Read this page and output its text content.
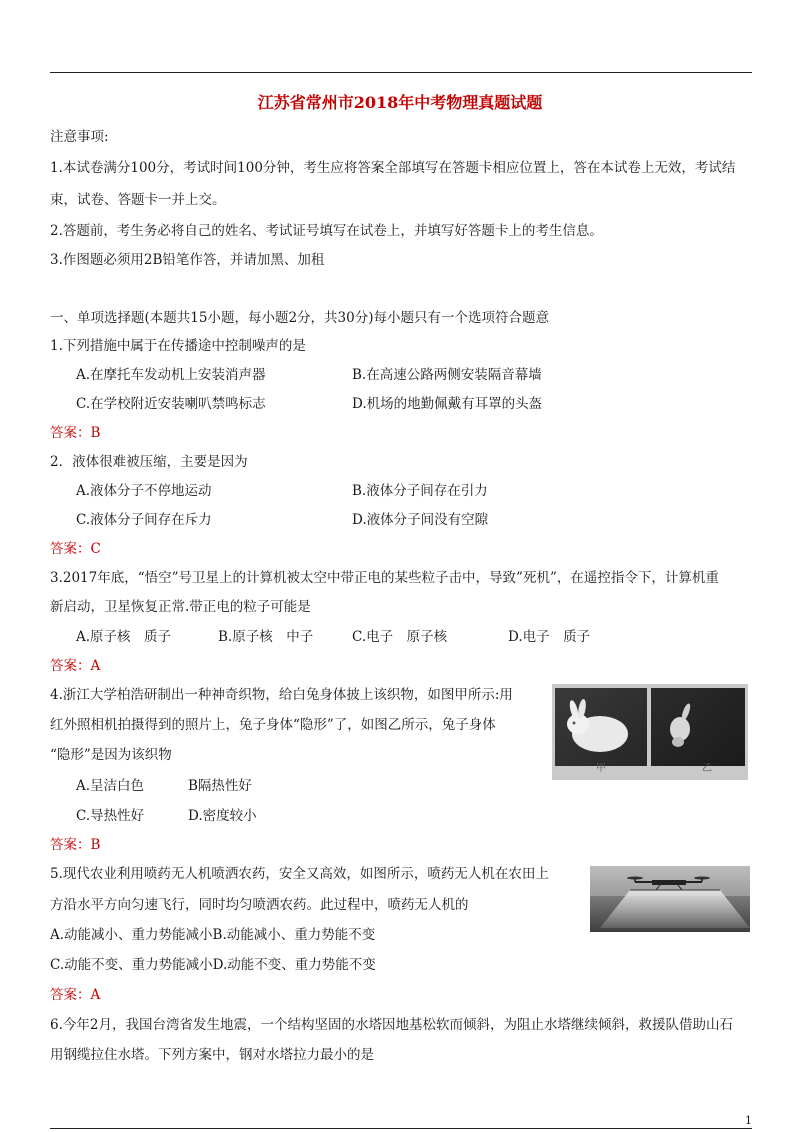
江苏省常州市2018年中考物理真题试题
注意事项:
1.本试卷满分100分，考试时间100分钟，考生应将答案全部填写在答题卡相应位置上，答在本试卷上无效，考试结
束，试卷、答题卡一并上交。
2.答题前，考生务必将自己的姓名、考试证号填写在试卷上，并填写好答题卡上的考生信息。
3.作图题必须用2B铅笔作答，并请加黑、加租
一、单项选择题(本题共15小题，每小题2分，共30分)每小题只有一个选项符合题意
1.下列措施中属于在传播途中控制噪声的是
A.在摩托车发动机上安装消声器	B.在高速公路两侧安装隔音幕墙
C.在学校附近安装喇叭禁鸣标志	D.机场的地勤佩戴有耳罩的头盔
答案：B
2．液体很难被压缩，主要是因为
A.液体分子不停地运动	B.液体分子间存在引力
C.液体分子间存在斥力	D.液体分子间没有空隙
答案：C
3.2017年底，“悟空”号卫星上的计算机被太空中带正电的某些粒子击中，导致”死机”，在遥控指令下，计算机重
新启动，卫星恢复正常.带正电的粒子可能是
A.原子核　质子	B.原子核　中子	C.电子　原子核	D.电子　质子
答案：A
4.浙江大学柏浩研制出一种神奇织物，给白兔身体披上该织物，如图甲所示:用
红外照相机拍摄得到的照片上，兔子身体“隐形”了，如图乙所示，兔子身体
“隐形”是因为该织物
A.呈洁白色	B隔热性好
C.导热性好	D.密度较小
答案：B
甲	乙
5.现代农业利用喷药无人机喷洒农药，安全又高效，如图所示，喷药无人机在农田上
方沿水平方向匀速飞行，同时均匀喷洒农药。此过程中，喷药无人机的
A.动能减小、重力势能减小B.动能减小、重力势能不变
C.动能不变、重力势能减小D.动能不变、重力势能不变
答案：A
6.今年2月，我国台湾省发生地震，一个结构坚固的水塔因地基松软而倾斜，为阻止水塔继续倾斜，救援队借助山石
用钢缆拉住水塔。下列方案中，钢对水塔拉力最小的是
1
